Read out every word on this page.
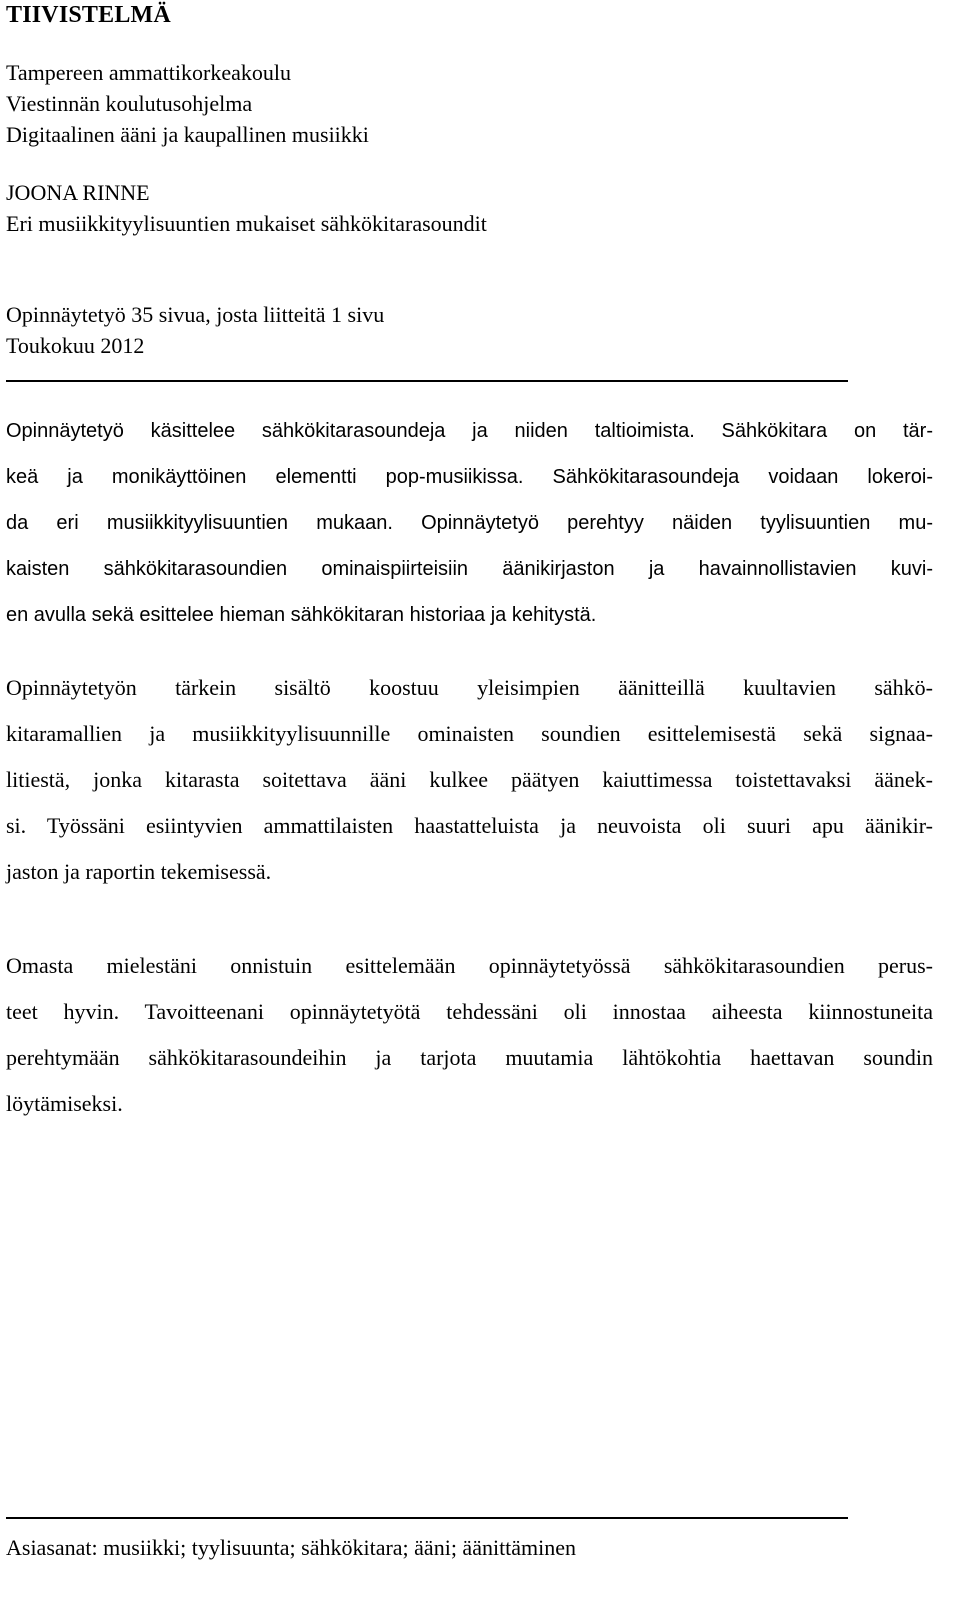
TIIVISTELMÄ
Tampereen ammattikorkeakoulu
Viestinnän koulutusohjelma
Digitaalinen ääni ja kaupallinen musiikki
JOONA RINNE
Eri musiikkityylisuuntien mukaiset sähkökitarasoundit
Opinnäytetyö 35 sivua, josta liitteitä 1 sivu
Toukokuu 2012
Opinnäytetyö käsittelee sähkökitarasoundeja ja niiden taltioimista. Sähkökitara on tär-
keä ja monikäyttöinen elementti pop-musiikissa. Sähkökitarasoundeja voidaan lokeroi-
da eri musiikkityylisuuntien mukaan. Opinnäytetyö perehtyy näiden tyylisuuntien mu-
kaisten sähkökitarasoundien ominaispiirteisiin äänikirjaston ja havainnollistavien kuvi-
en avulla sekä esittelee hieman sähkökitaran historiaa ja kehitystä.
Opinnäytetyön tärkein sisältö koostuu yleisimpien äänitteillä kuultavien sähkö-
kitaramallien ja musiikkityylisuunnille ominaisten soundien esittelemisestä sekä signaa-
litiestä, jonka kitarasta soitettava ääni kulkee päätyen kaiuttimessa toistettavaksi äänek-
si. Työssäni esiintyvien ammattilaisten haastatteluista ja neuvoista oli suuri apu äänikir-
jaston ja raportin tekemisessä.
Omasta mielestäni onnistuin esittelemään opinnäytetyössä sähkökitarasoundien perus-
teet hyvin. Tavoitteenani opinnäytetyötä tehdessäni oli innostaa aiheesta kiinnostuneita
perehtymään sähkökitarasoundeihin ja tarjota muutamia lähtökohtia haettavan soundin
löytämiseksi.
Asiasanat: musiikki; tyylisuunta; sähkökitara; ääni; äänittäminen
